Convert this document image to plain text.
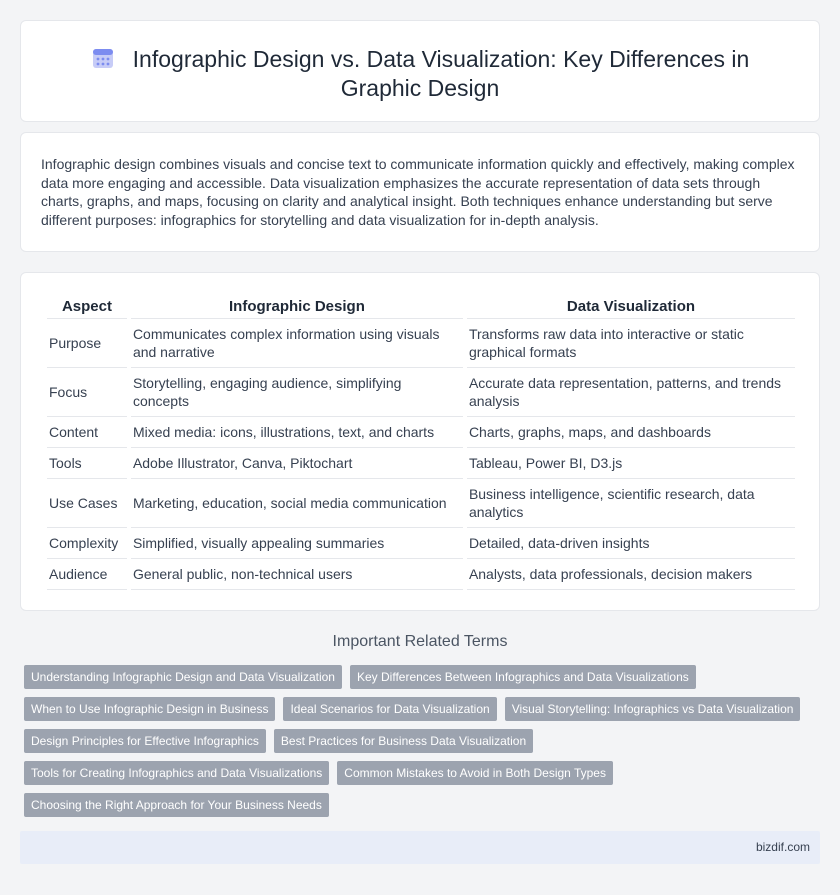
Infographic Design vs. Data Visualization: Key Differences in Graphic Design

Infographic design combines visuals and concise text to communicate information quickly and effectively, making complex data more engaging and accessible. Data visualization emphasizes the accurate representation of data sets through charts, graphs, and maps, focusing on clarity and analytical insight. Both techniques enhance understanding but serve different purposes: infographics for storytelling and data visualization for in-depth analysis.

Aspect	Infographic Design	Data Visualization
Purpose	Communicates complex information using visuals and narrative	Transforms raw data into interactive or static graphical formats
Focus	Storytelling, engaging audience, simplifying concepts	Accurate data representation, patterns, and trends analysis
Content	Mixed media: icons, illustrations, text, and charts	Charts, graphs, maps, and dashboards
Tools	Adobe Illustrator, Canva, Piktochart	Tableau, Power BI, D3.js
Use Cases	Marketing, education, social media communication	Business intelligence, scientific research, data analytics
Complexity	Simplified, visually appealing summaries	Detailed, data-driven insights
Audience	General public, non-technical users	Analysts, data professionals, decision makers
Important Related Terms
Understanding Infographic Design and Data Visualization	Key Differences Between Infographics and Data Visualizations
When to Use Infographic Design in Business	Ideal Scenarios for Data Visualization	Visual Storytelling: Infographics vs Data Visualization
Design Principles for Effective Infographics	Best Practices for Business Data Visualization
Tools for Creating Infographics and Data Visualizations	Common Mistakes to Avoid in Both Design Types
Choosing the Right Approach for Your Business Needs
bizdif.com
